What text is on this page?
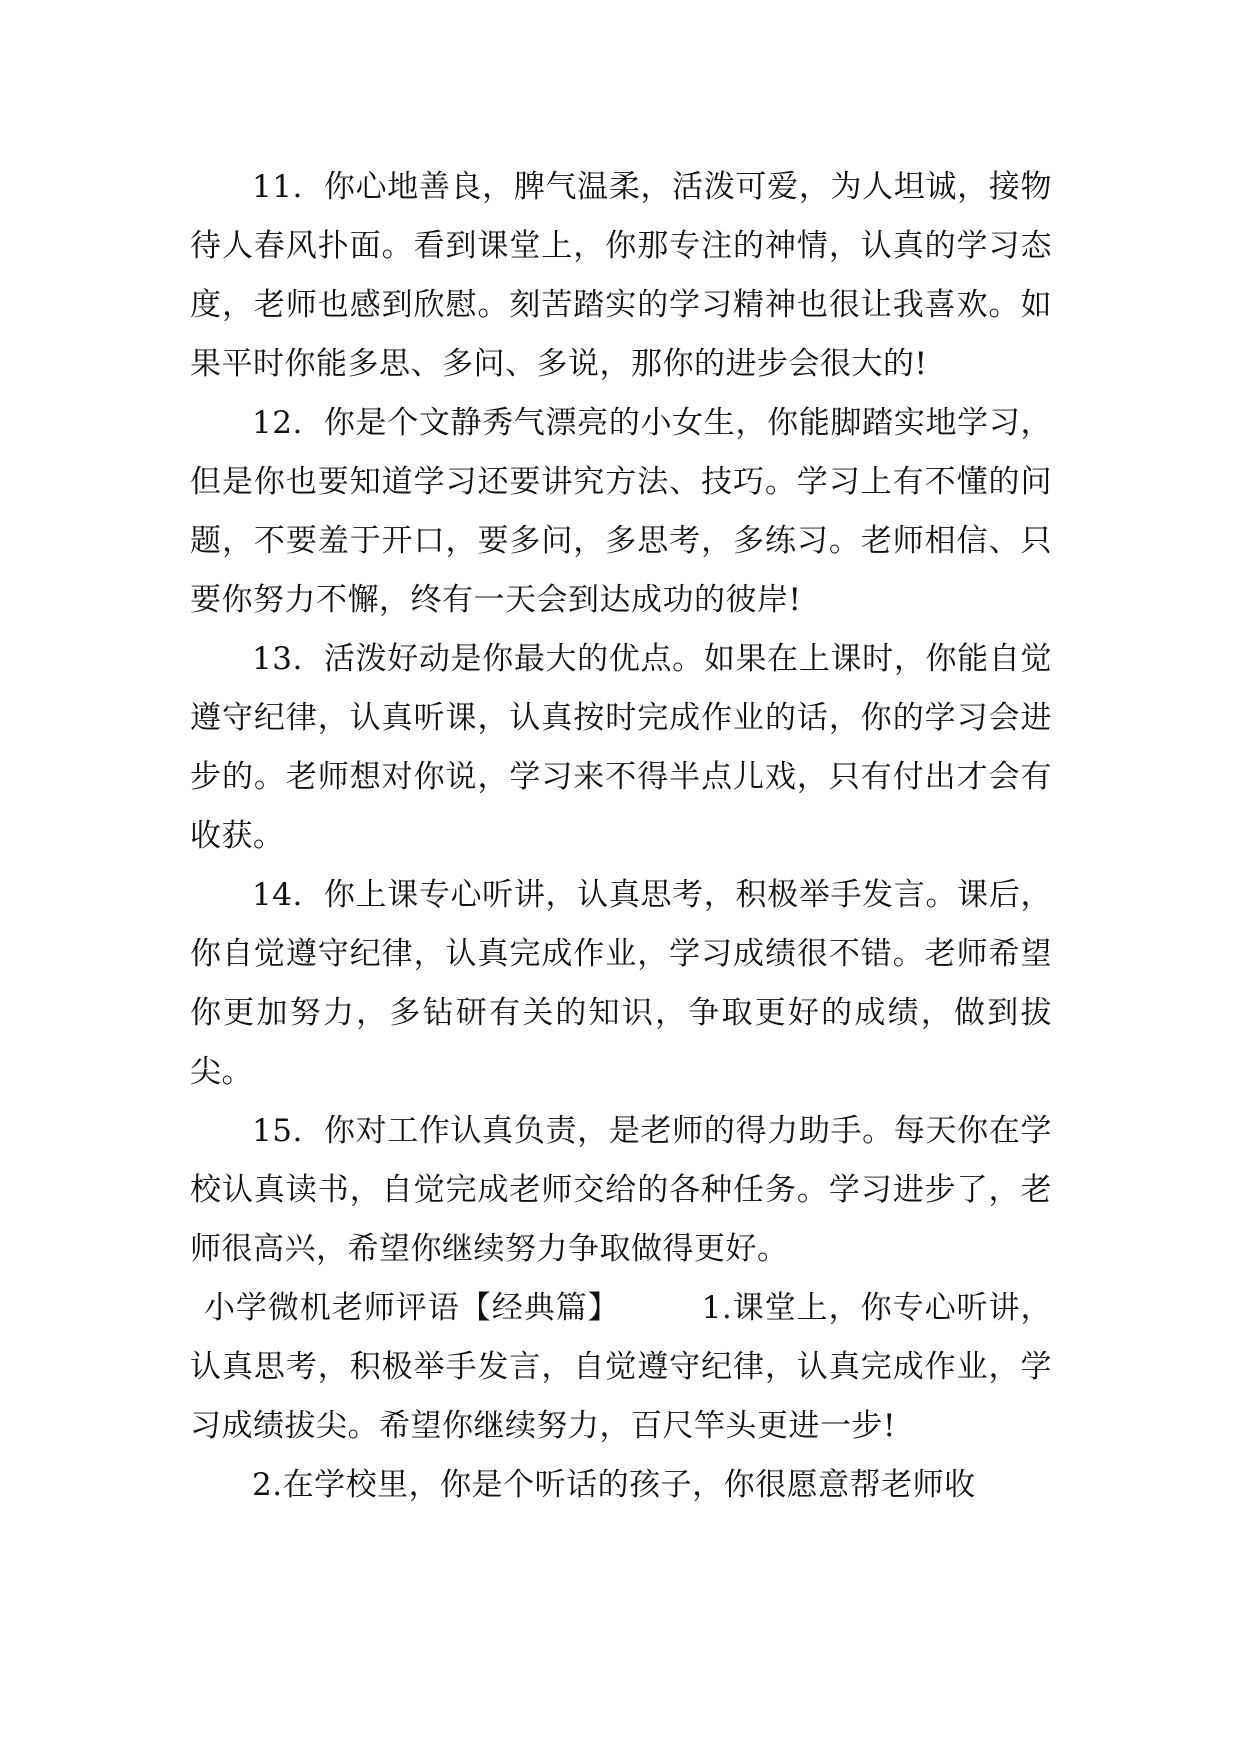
11. 你心地善良，脾气温柔，活泼可爱，为人坦诚，接物待人春风扑面。看到课堂上，你那专注的神情，认真的学习态度，老师也感到欣慰。刻苦踏实的学习精神也很让我喜欢。如果平时你能多思、多问、多说，那你的进步会很大的!

12. 你是个文静秀气漂亮的小女生，你能脚踏实地学习，但是你也要知道学习还要讲究方法、技巧。学习上有不懂的问题，不要羞于开口，要多问，多思考，多练习。老师相信、只要你努力不懈，终有一天会到达成功的彼岸!

13. 活泼好动是你最大的优点。如果在上课时，你能自觉遵守纪律，认真听课，认真按时完成作业的话，你的学习会进步的。老师想对你说，学习来不得半点儿戏，只有付出才会有收获。

14. 你上课专心听讲，认真思考，积极举手发言。课后，你自觉遵守纪律，认真完成作业，学习成绩很不错。老师希望你更加努力，多钻研有关的知识，争取更好的成绩，做到拔尖。

15. 你对工作认真负责，是老师的得力助手。每天你在学校认真读书，自觉完成老师交给的各种任务。学习进步了，老师很高兴，希望你继续努力争取做得更好。

小学微机老师评语【经典篇】	1.课堂上，你专心听讲，认真思考，积极举手发言，自觉遵守纪律，认真完成作业，学习成绩拔尖。希望你继续努力，百尺竿头更进一步!

2.在学校里，你是个听话的孩子，你很愿意帮老师收
